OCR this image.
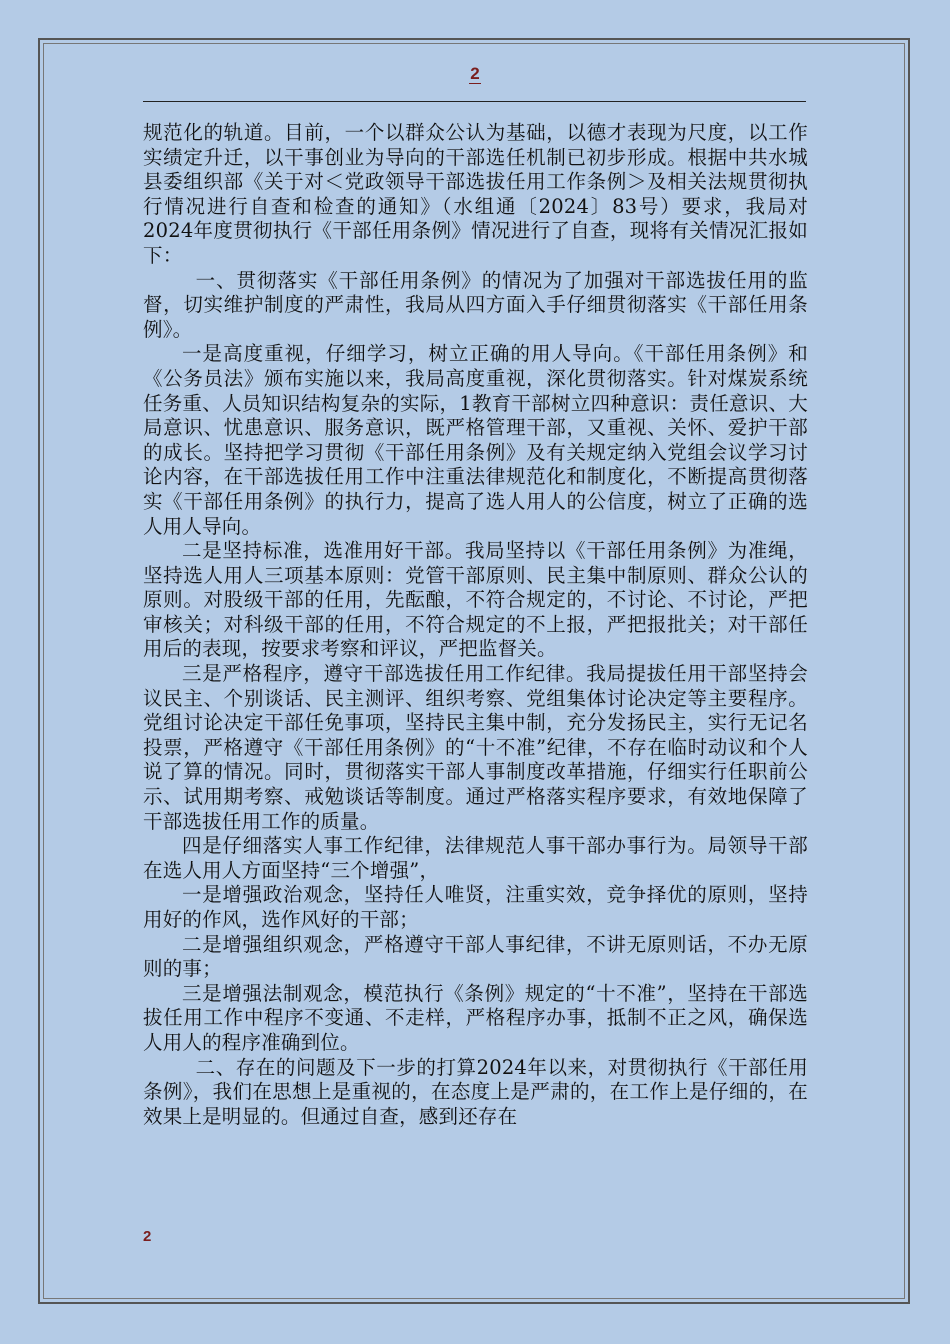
2

规范化的轨道。目前，一个以群众公认为基础，以德才表现为尺度，以工作实绩定升迁，以干事创业为导向的干部选任机制已初步形成。根据中共水城县委组织部《关于对＜党政领导干部选拔任用工作条例＞及相关法规贯彻执行情况进行自查和检查的通知》（水组通〔2024〕83号）要求，我局对2024年度贯彻执行《干部任用条例》情况进行了自查，现将有关情况汇报如下：

一、贯彻落实《干部任用条例》的情况为了加强对干部选拔任用的监督，切实维护制度的严肃性，我局从四方面入手仔细贯彻落实《干部任用条例》。

一是高度重视，仔细学习，树立正确的用人导向。《干部任用条例》和《公务员法》颁布实施以来，我局高度重视，深化贯彻落实。针对煤炭系统任务重、人员知识结构复杂的实际，1教育干部树立四种意识：责任意识、大局意识、忧患意识、服务意识，既严格管理干部，又重视、关怀、爱护干部的成长。坚持把学习贯彻《干部任用条例》及有关规定纳入党组会议学习讨论内容，在干部选拔任用工作中注重法律规范化和制度化，不断提高贯彻落实《干部任用条例》的执行力，提高了选人用人的公信度，树立了正确的选人用人导向。

二是坚持标准，选准用好干部。我局坚持以《干部任用条例》为准绳，坚持选人用人三项基本原则：党管干部原则、民主集中制原则、群众公认的原则。对股级干部的任用，先酝酿，不符合规定的，不讨论、不讨论，严把审核关；对科级干部的任用，不符合规定的不上报，严把报批关；对干部任用后的表现，按要求考察和评议，严把监督关。

三是严格程序，遵守干部选拔任用工作纪律。我局提拔任用干部坚持会议民主、个别谈话、民主测评、组织考察、党组集体讨论决定等主要程序。党组讨论决定干部任免事项，坚持民主集中制，充分发扬民主，实行无记名投票，严格遵守《干部任用条例》的“十不准”纪律，不存在临时动议和个人说了算的情况。同时，贯彻落实干部人事制度改革措施，仔细实行任职前公示、试用期考察、戒勉谈话等制度。通过严格落实程序要求，有效地保障了干部选拔任用工作的质量。

四是仔细落实人事工作纪律，法律规范人事干部办事行为。局领导干部在选人用人方面坚持“三个增强”，

一是增强政治观念，坚持任人唯贤，注重实效，竞争择优的原则，坚持用好的作风，选作风好的干部；

二是增强组织观念，严格遵守干部人事纪律，不讲无原则话，不办无原则的事；

三是增强法制观念，模范执行《条例》规定的“十不准”，坚持在干部选拔任用工作中程序不变通、不走样，严格程序办事，抵制不正之风，确保选人用人的程序准确到位。

二、存在的问题及下一步的打算2024年以来，对贯彻执行《干部任用条例》，我们在思想上是重视的，在态度上是严肃的，在工作上是仔细的，在效果上是明显的。但通过自查，感到还存在

2
